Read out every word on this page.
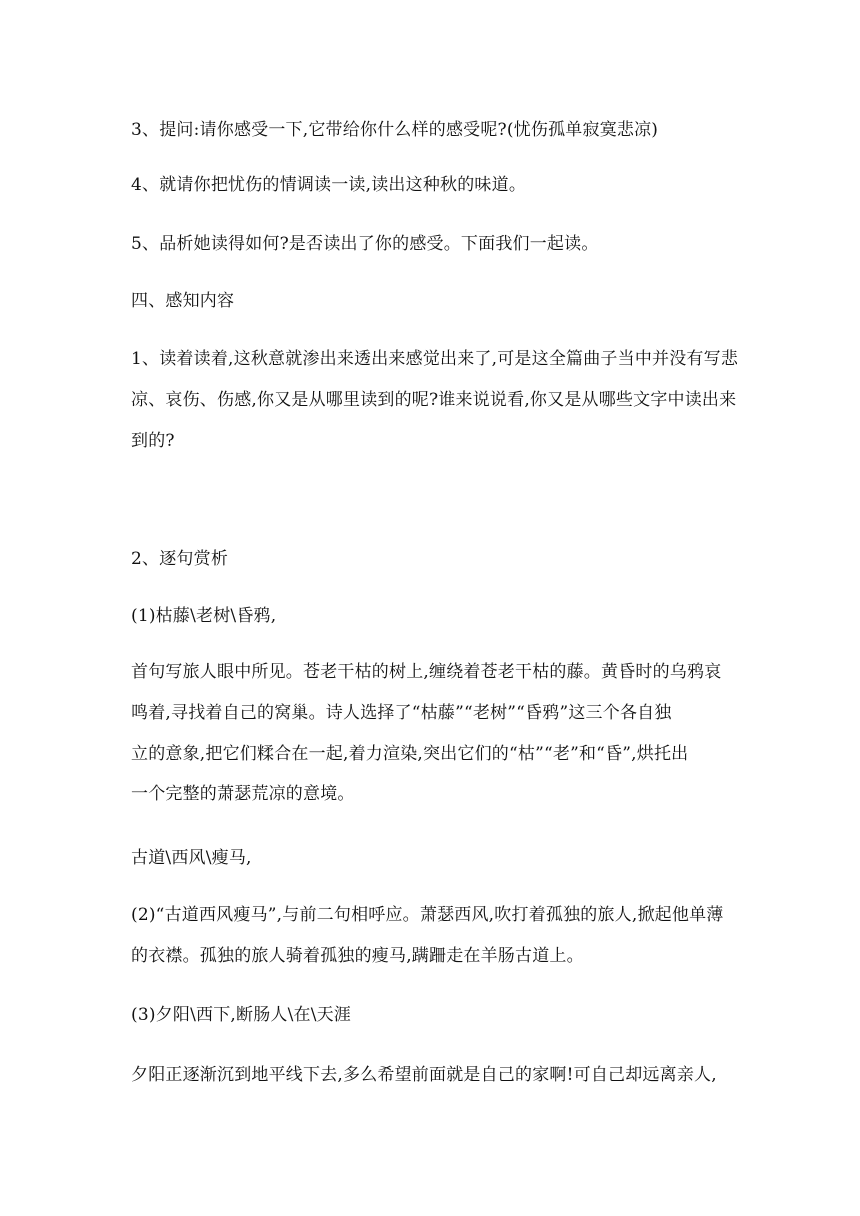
3、提问:请你感受一下,它带给你什么样的感受呢?(忧伤孤单寂寞悲凉)
4、就请你把忧伤的情调读一读,读出这种秋的味道。
5、品析她读得如何?是否读出了你的感受。下面我们一起读。
四、感知内容
1、读着读着,这秋意就渗出来透出来感觉出来了,可是这全篇曲子当中并没有写悲
凉、哀伤、伤感,你又是从哪里读到的呢?谁来说说看,你又是从哪些文字中读出来
到的?
2、逐句赏析
(1)枯藤\老树\昏鸦,
首句写旅人眼中所见。苍老干枯的树上,缠绕着苍老干枯的藤。黄昏时的乌鸦哀
鸣着,寻找着自己的窝巢。诗人选择了“枯藤”“老树”“昏鸦”这三个各自独
立的意象,把它们糅合在一起,着力渲染,突出它们的“枯”“老”和“昏”,烘托出
一个完整的萧瑟荒凉的意境。
古道\西风\瘦马,
(2)“古道西风瘦马”,与前二句相呼应。萧瑟西风,吹打着孤独的旅人,掀起他单薄
的衣襟。孤独的旅人骑着孤独的瘦马,蹒跚走在羊肠古道上。
(3)夕阳\西下,断肠人\在\天涯
夕阳正逐渐沉到地平线下去,多么希望前面就是自己的家啊!可自己却远离亲人,
